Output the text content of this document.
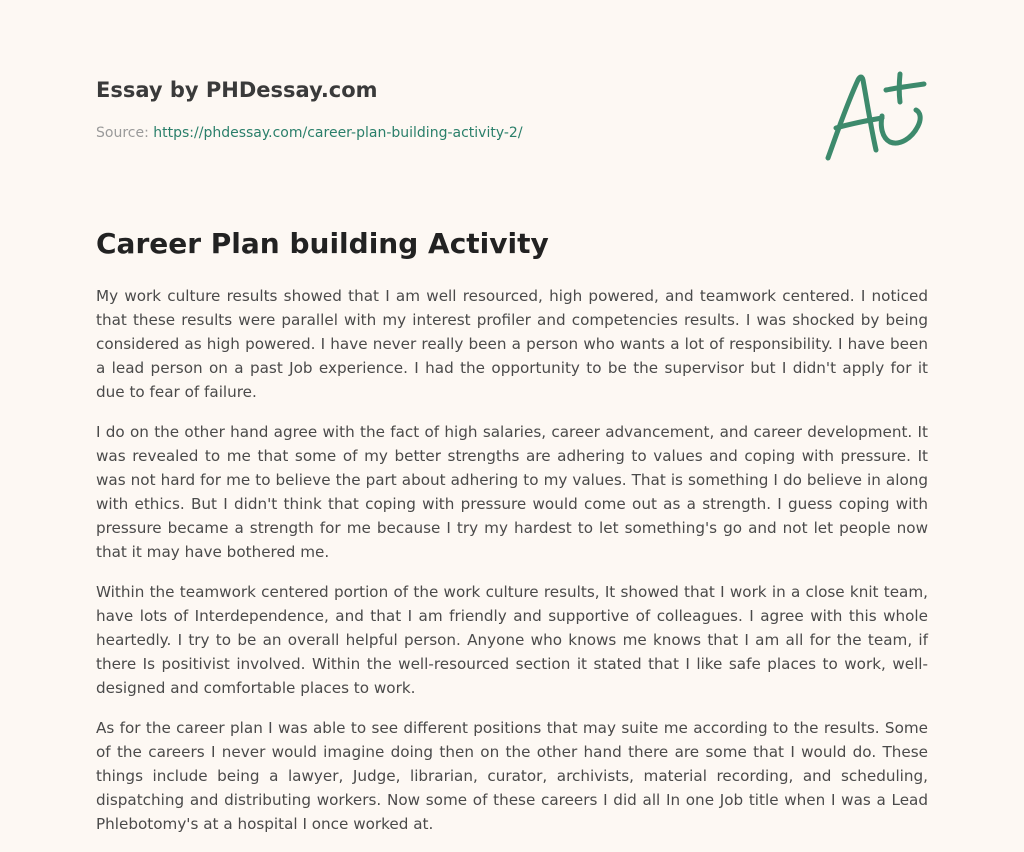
Essay by PHDessay.com
Source: https://phdessay.com/career-plan-building-activity-2/
Career Plan building Activity

My work culture results showed that I am well resourced, high powered, and teamwork centered. I noticed that these results were parallel with my interest profiler and competencies results. I was shocked by being considered as high powered. I have never really been a person who wants a lot of responsibility. I have been a lead person on a past Job experience. I had the opportunity to be the supervisor but I didn't apply for it due to fear of failure.

I do on the other hand agree with the fact of high salaries, career advancement, and career development. It was revealed to me that some of my better strengths are adhering to values and coping with pressure. It was not hard for me to believe the part about adhering to my values. That is something I do believe in along with ethics. But I didn't think that coping with pressure would come out as a strength. I guess coping with pressure became a strength for me because I try my hardest to let something's go and not let people now that it may have bothered me.

Within the teamwork centered portion of the work culture results, It showed that I work in a close knit team, have lots of Interdependence, and that I am friendly and supportive of colleagues. I agree with this whole heartedly. I try to be an overall helpful person. Anyone who knows me knows that I am all for the team, if there Is positivist involved. Within the well-resourced section it stated that I like safe places to work, well-designed and comfortable places to work.

As for the career plan I was able to see different positions that may suite me according to the results. Some of the careers I never would imagine doing then on the other hand there are some that I would do. These things include being a lawyer, Judge, librarian, curator, archivists, material recording, and scheduling, dispatching and distributing workers. Now some of these careers I did all In one Job title when I was a Lead Phlebotomy's at a hospital I once worked at.
